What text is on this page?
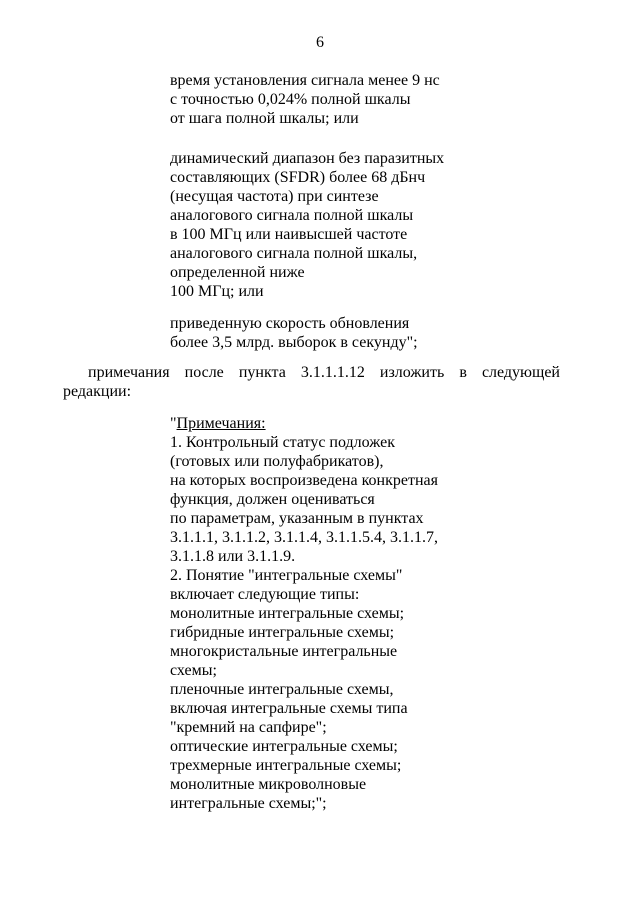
6
время установления сигнала менее 9 нс
с точностью 0,024% полной шкалы
от шага полной шкалы; или
динамический диапазон без паразитных
составляющих (SFDR) более 68 дБнч
(несущая частота) при синтезе
аналогового сигнала полной шкалы
в 100 МГц или наивысшей частоте
аналогового сигнала полной шкалы,
определенной ниже
100 МГц; или
приведенную скорость обновления
более 3,5 млрд. выборок в секунду";
примечания после пункта 3.1.1.1.12 изложить в следующей
редакции:
"Примечания:
1. Контрольный статус подложек
(готовых или полуфабрикатов),
на которых воспроизведена конкретная
функция, должен оцениваться
по параметрам, указанным в пунктах
3.1.1.1, 3.1.1.2, 3.1.1.4, 3.1.1.5.4, 3.1.1.7,
3.1.1.8 или 3.1.1.9.
2. Понятие "интегральные схемы"
включает следующие типы:
монолитные интегральные схемы;
гибридные интегральные схемы;
многокристальные интегральные
схемы;
пленочные интегральные схемы,
включая интегральные схемы типа
"кремний на сапфире";
оптические интегральные схемы;
трехмерные интегральные схемы;
монолитные микроволновые
интегральные схемы;";
